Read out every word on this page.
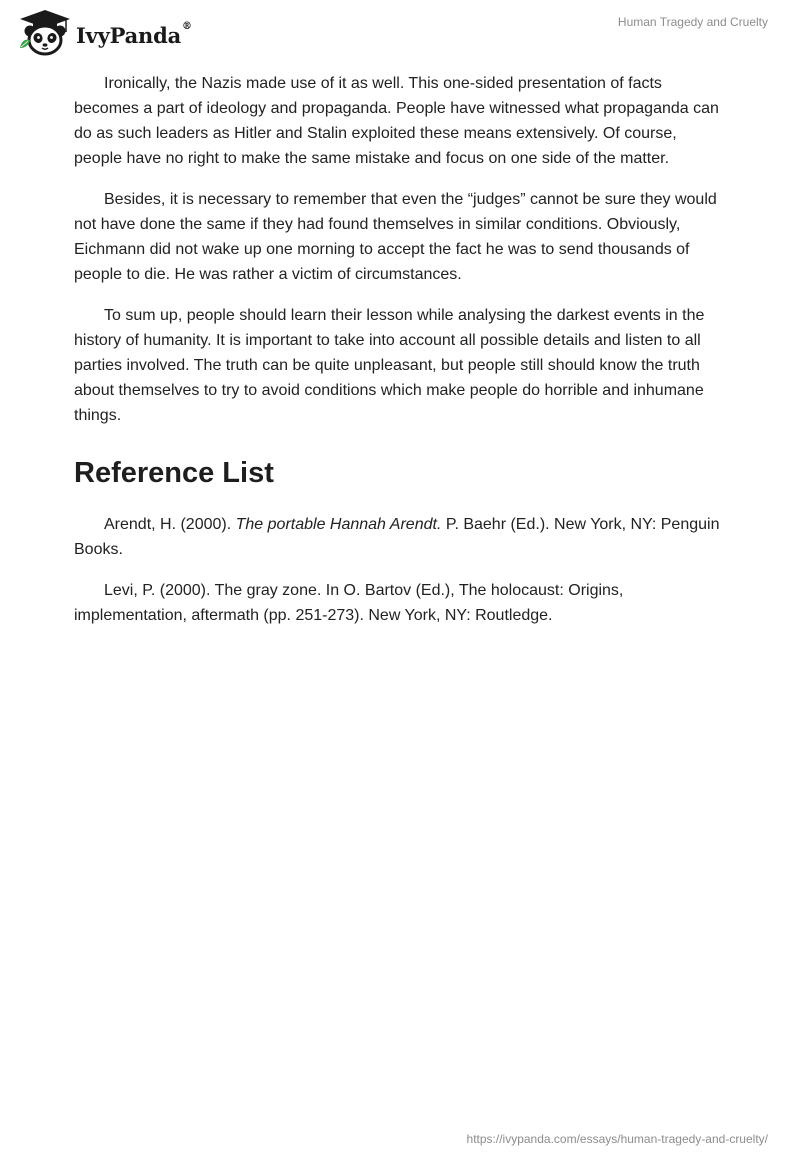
IvyPanda®	Human Tragedy and Cruelty

Ironically, the Nazis made use of it as well. This one-sided presentation of facts becomes a part of ideology and propaganda. People have witnessed what propaganda can do as such leaders as Hitler and Stalin exploited these means extensively. Of course, people have no right to make the same mistake and focus on one side of the matter.

Besides, it is necessary to remember that even the “judges” cannot be sure they would not have done the same if they had found themselves in similar conditions. Obviously, Eichmann did not wake up one morning to accept the fact he was to send thousands of people to die. He was rather a victim of circumstances.

To sum up, people should learn their lesson while analysing the darkest events in the history of humanity. It is important to take into account all possible details and listen to all parties involved. The truth can be quite unpleasant, but people still should know the truth about themselves to try to avoid conditions which make people do horrible and inhumane things.

Reference List

Arendt, H. (2000). The portable Hannah Arendt. P. Baehr (Ed.). New York, NY: Penguin Books.

Levi, P. (2000). The gray zone. In O. Bartov (Ed.), The holocaust: Origins, implementation, aftermath (pp. 251-273). New York, NY: Routledge.

https://ivypanda.com/essays/human-tragedy-and-cruelty/
